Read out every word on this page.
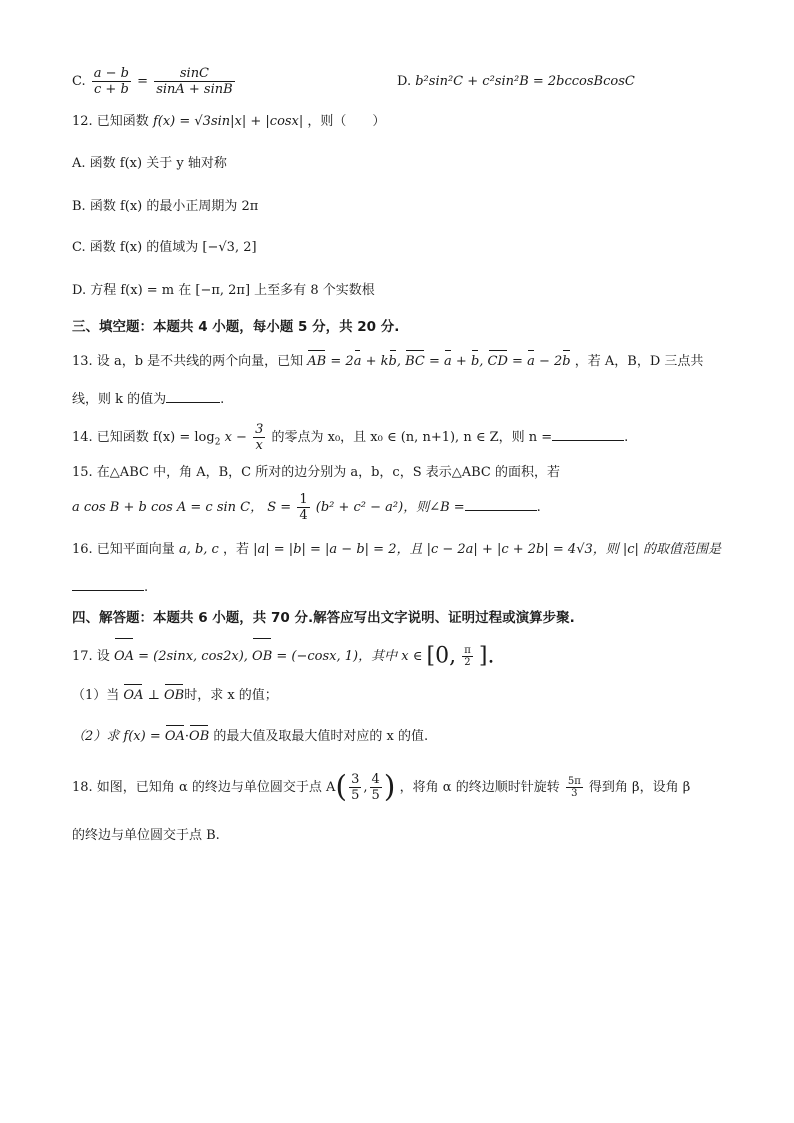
C. $\frac{a - b}{c + b} = \frac{\sin C}{\sin A + \sin B}$	D. b²sin²C + c²sin²B = 2bccosBcosC
12. 已知函数 f(x) = √3sin|x| + |cosx| ，则（　　）
A. 函数 f(x) 关于 y 轴对称
B. 函数 f(x) 的最小正周期为 2π
C. 函数 f(x) 的值域为 [−√3, 2]
D. 方程 f(x) = m 在 [−π, 2π] 上至多有 8 个实数根
三、填空题：本题共 4 小题，每小题 5 分，共 20 分.
13. 设 a，b 是不共线的两个向量，已知 AB = 2a + kb, BC = a + b, CD = a − 2b ，若 A，B，D 三点共
线，则 k 的值为	.
14. 已知函数 $f(x) = \log_2 x - \frac{3}{x}$ 的零点为 x₀，且 x₀ ∈ (n, n+1), n ∈ Z，则 n =	.
15. 在△ABC 中，角 A，B，C 所对的边分别为 a，b，c，S 表示△ABC 的面积，若
a cos B + b cos A = c sin C， $S = \frac{1}{4} (b^2 + c^2 - a^2)$，则∠B =	.
16. 已知平面向量 a, b, c ，若 |a| = |b| = |a − b| = 2，且 |c − 2a| + |c + 2b| = 4√3，则 |c| 的取值范围是
.
四、解答题：本题共 6 小题，共 70 分.解答应写出文字说明、证明过程或演算步聚.
17. 设 OA = (2sinx, cos2x), OB = (−cosx, 1)，其中 x ∈ [0, $\frac{\pi}{2}$ ].
（1）当 OA ⊥ OB时，求 x 的值；
（2）求 f(x) = OA·OB 的最大值及取最大值时对应的 x 的值.
18. 如图，已知角 α 的终边与单位圆交于点 $A( \frac{3}{5}$ , $\frac{4}{5}$ ) ，将角 α 的终边顺时针旋转 $\frac{5\pi}{3}$ 得到角 β，设角 β
的终边与单位圆交于点 B.
